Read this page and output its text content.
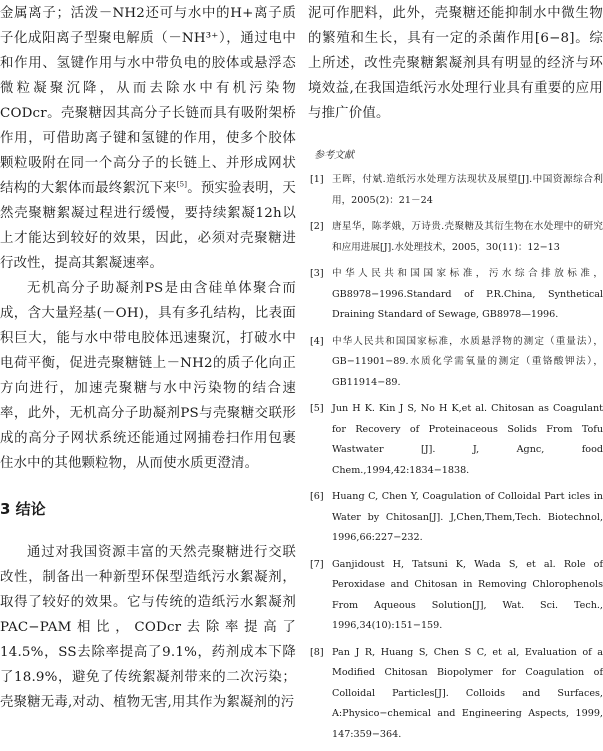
金属离子；活泼－NH2还可与水中的H+离子质子化成阳离子型聚电解质（－NH³⁺），通过电中和作用、氢键作用与水中带负电的胶体或悬浮态微粒凝聚沉降，从而去除水中有机污染物CODcr。壳聚糖因其高分子长链而具有吸附架桥作用，可借助离子键和氢键的作用，使多个胶体颗粒吸附在同一个高分子的长链上、并形成网状结构的大絮体而最终絮沉下来[5]。预实验表明，天然壳聚糖絮凝过程进行缓慢，要持续絮凝12h以上才能达到较好的效果，因此，必须对壳聚糖进行改性，提高其絮凝速率。

无机高分子助凝剂PS是由含硅单体聚合而成，含大量羟基(－OH)，具有多孔结构，比表面积巨大，能与水中带电胶体迅速聚沉，打破水中电荷平衡，促进壳聚糖链上－NH2的质子化向正方向进行，加速壳聚糖与水中污染物的结合速率，此外，无机高分子助凝剂PS与壳聚糖交联形成的高分子网状系统还能通过网捕卷扫作用包裹住水中的其他颗粒物，从而使水质更澄清。

3 结论

通过对我国资源丰富的天然壳聚糖进行交联改性，制备出一种新型环保型造纸污水絮凝剂，取得了较好的效果。它与传统的造纸污水絮凝剂PAC−PAM相比，CODcr去除率提高了14.5%，SS去除率提高了9.1%，药剂成本下降了18.9%，避免了传统絮凝剂带来的二次污染；壳聚糖无毒,对动、植物无害,用其作为絮凝剂的污

泥可作肥料，此外，壳聚糖还能抑制水中微生物的繁殖和生长，具有一定的杀菌作用[6−8]。综上所述，改性壳聚糖絮凝剂具有明显的经济与环境效益,在我国造纸污水处理行业具有重要的应用与推广价值。

参考文献
[1] 王晖，付斌.造纸污水处理方法现状及展望[J].中国资源综合利用，2005(2)：21－24
[2] 唐星华，陈孝娥，万诗贵.壳聚糖及其衍生物在水处理中的研究和应用进展[J].水处理技术，2005，30(11)：12−13
[3] 中华人民共和国国家标准，污水综合排放标准，GB8978−1996.Standard of P.R.China, Synthetical Draining Standard of Sewage, GB8978—1996.
[4] 中华人民共和国国家标准，水质悬浮物的测定（重量法），GB−11901−89.水质化学需氧量的测定（重铬酸钾法），GB11914−89.
[5] Jun H K. Kin J S, No H K,et al. Chitosan as Coagulant for Recovery of Proteinaceous Solids From Tofu Wastwater [J]. J, Agnc, food Chem.,1994,42:1834−1838.
[6] Huang C, Chen Y, Coagulation of Colloidal Part icles in Water by Chitosan[J]. J,Chen,Them,Tech. Biotechnol, 1996,66:227−232.
[7] Ganjidoust H, Tatsuni K, Wada S, et al. Role of Peroxidase and Chitosan in Removing Chlorophenols From Aqueous Solution[J], Wat. Sci. Tech., 1996,34(10):151−159.
[8] Pan J R, Huang S, Chen S C, et al, Evaluation of a Modified Chitosan Biopolymer for Coagulation of Colloidal Particles[J]. Colloids and Surfaces, A:Physico−chemical and Engineering Aspects, 1999, 147:359−364.
